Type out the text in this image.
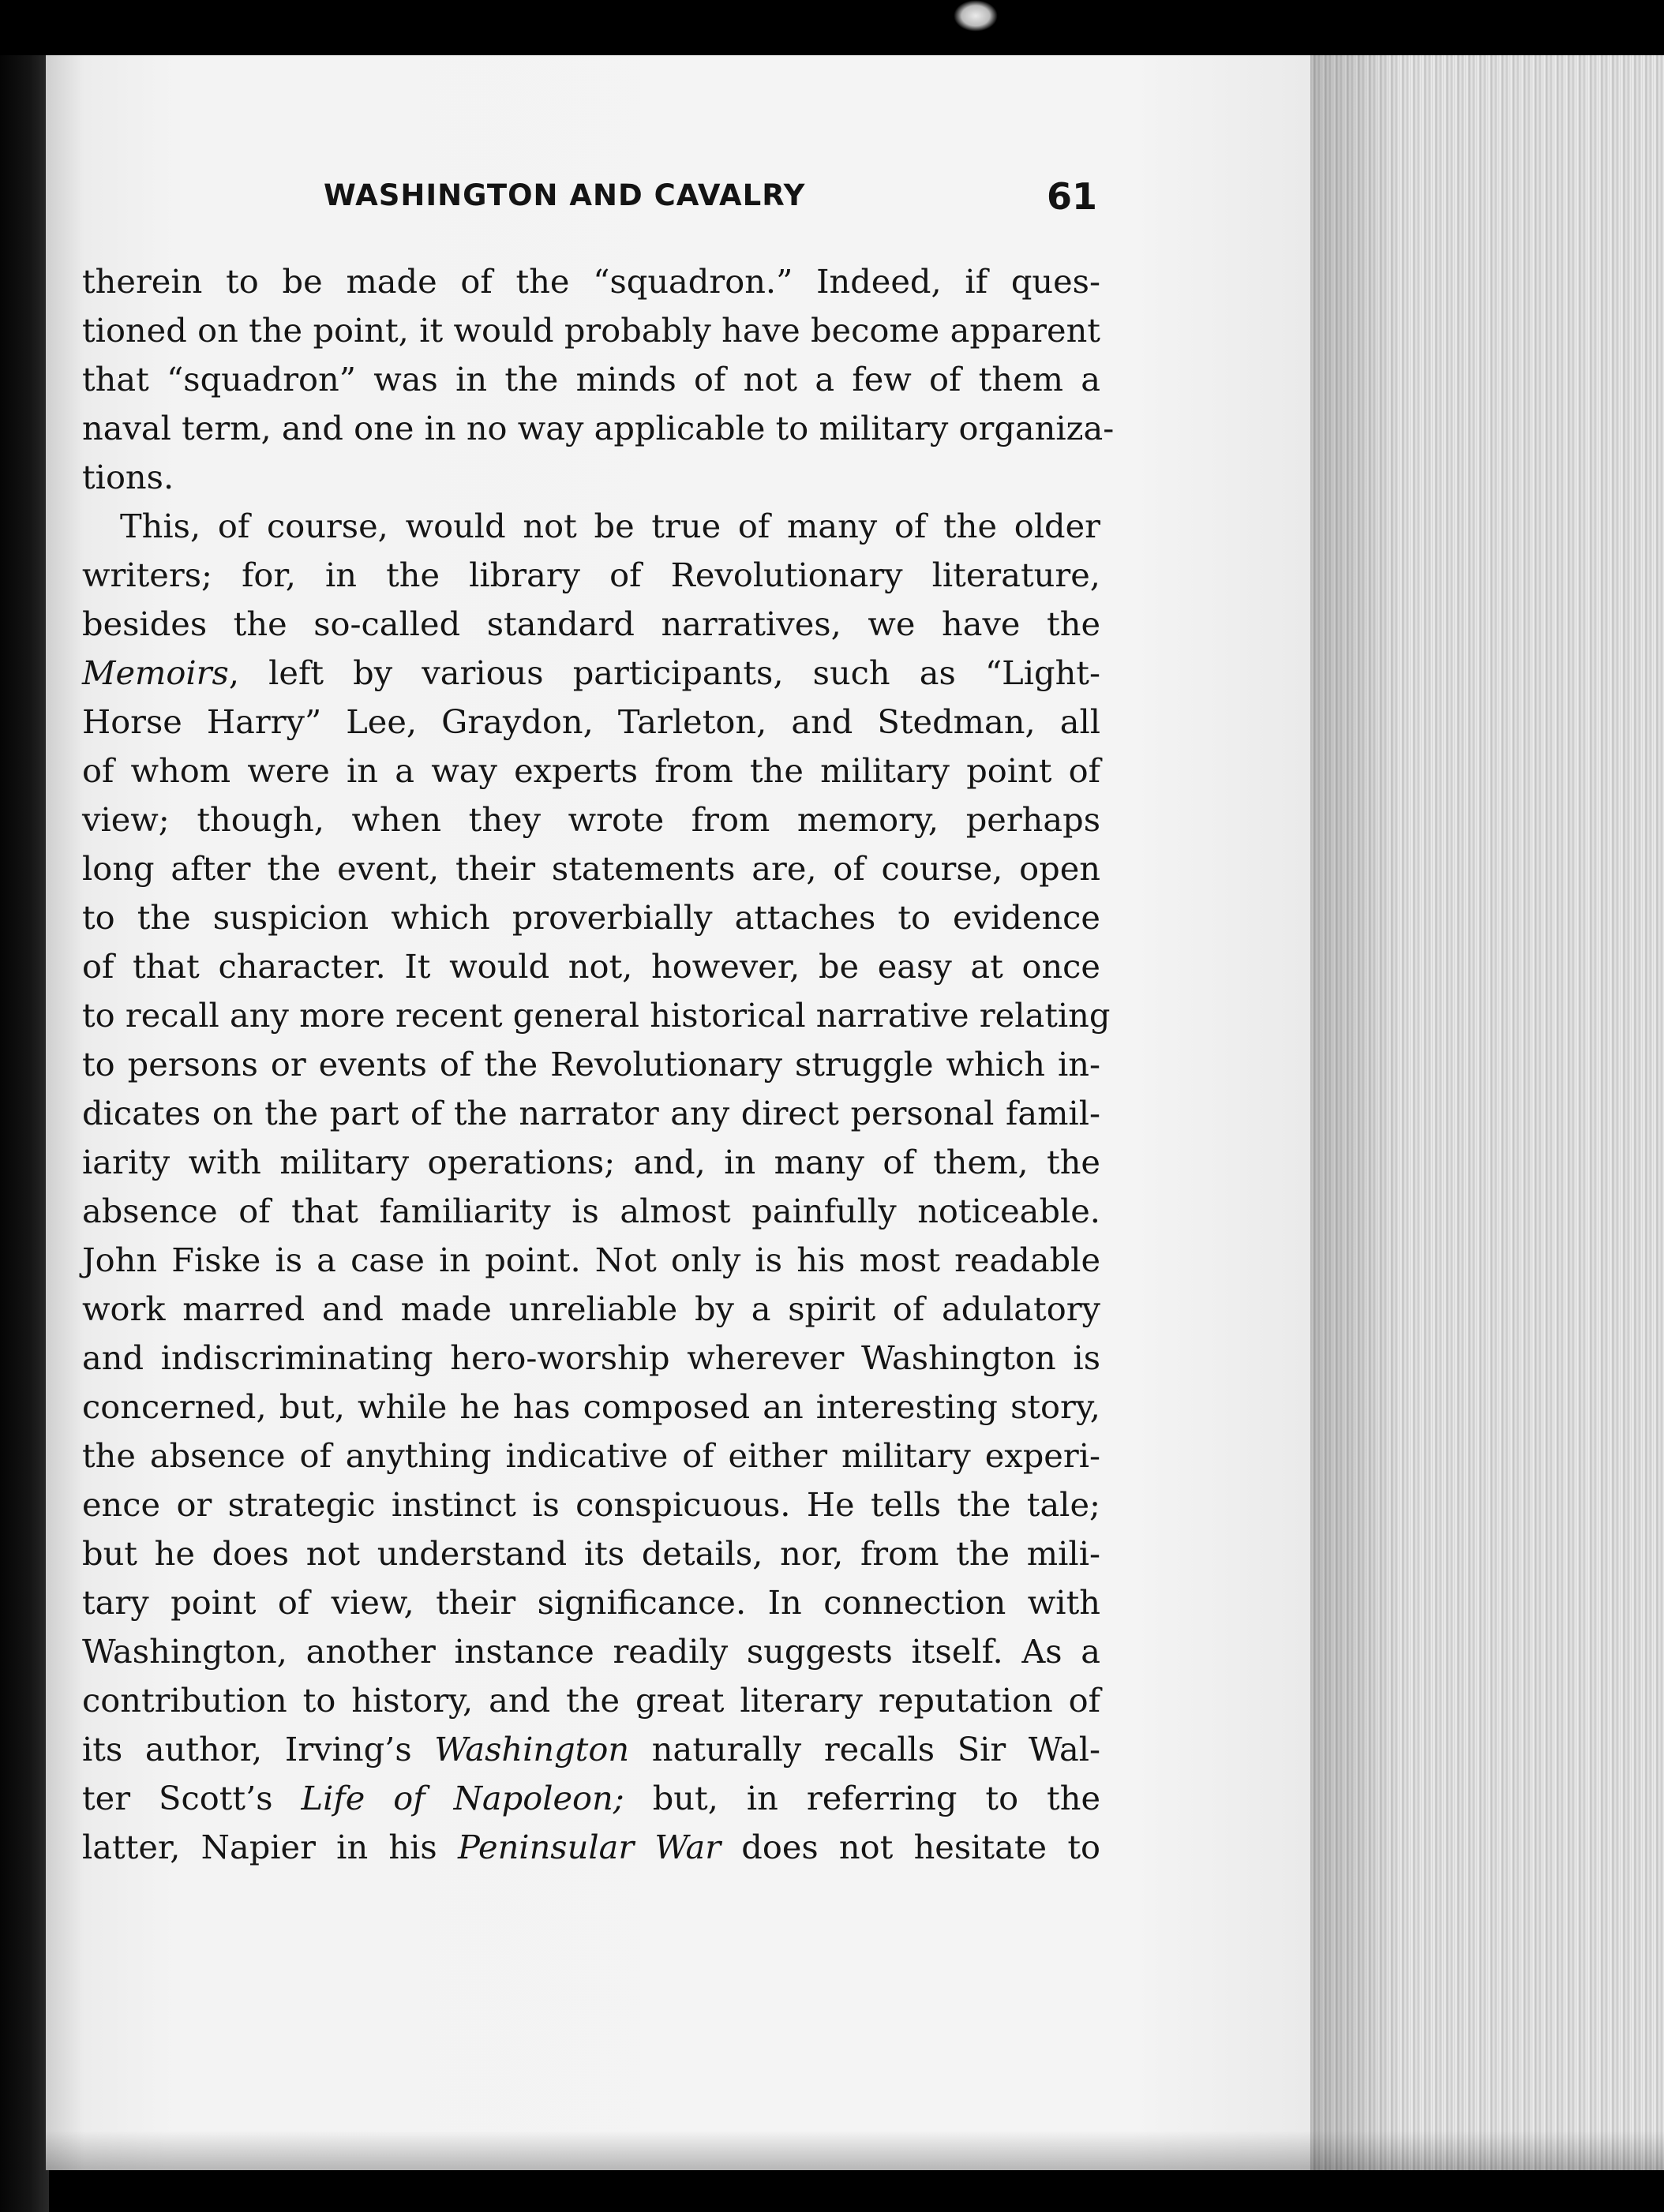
WASHINGTON AND CAVALRY	61
therein to be made of the “squadron.” Indeed, if ques-
tioned on the point, it would probably have become apparent
that “squadron” was in the minds of not a few of them a
naval term, and one in no way applicable to military organiza-
tions.
This, of course, would not be true of many of the older
writers; for, in the library of Revolutionary literature,
besides the so-called standard narratives, we have the
Memoirs, left by various participants, such as “Light-
Horse Harry” Lee, Graydon, Tarleton, and Stedman, all
of whom were in a way experts from the military point of
view; though, when they wrote from memory, perhaps
long after the event, their statements are, of course, open
to the suspicion which proverbially attaches to evidence
of that character. It would not, however, be easy at once
to recall any more recent general historical narrative relating
to persons or events of the Revolutionary struggle which in-
dicates on the part of the narrator any direct personal famil-
iarity with military operations; and, in many of them, the
absence of that familiarity is almost painfully noticeable.
John Fiske is a case in point. Not only is his most readable
work marred and made unreliable by a spirit of adulatory
and indiscriminating hero-worship wherever Washington is
concerned, but, while he has composed an interesting story,
the absence of anything indicative of either military experi-
ence or strategic instinct is conspicuous. He tells the tale;
but he does not understand its details, nor, from the mili-
tary point of view, their significance. In connection with
Washington, another instance readily suggests itself. As a
contribution to history, and the great literary reputation of
its author, Irving’s Washington naturally recalls Sir Wal-
ter Scott’s Life of Napoleon; but, in referring to the
latter, Napier in his Peninsular War does not hesitate to
